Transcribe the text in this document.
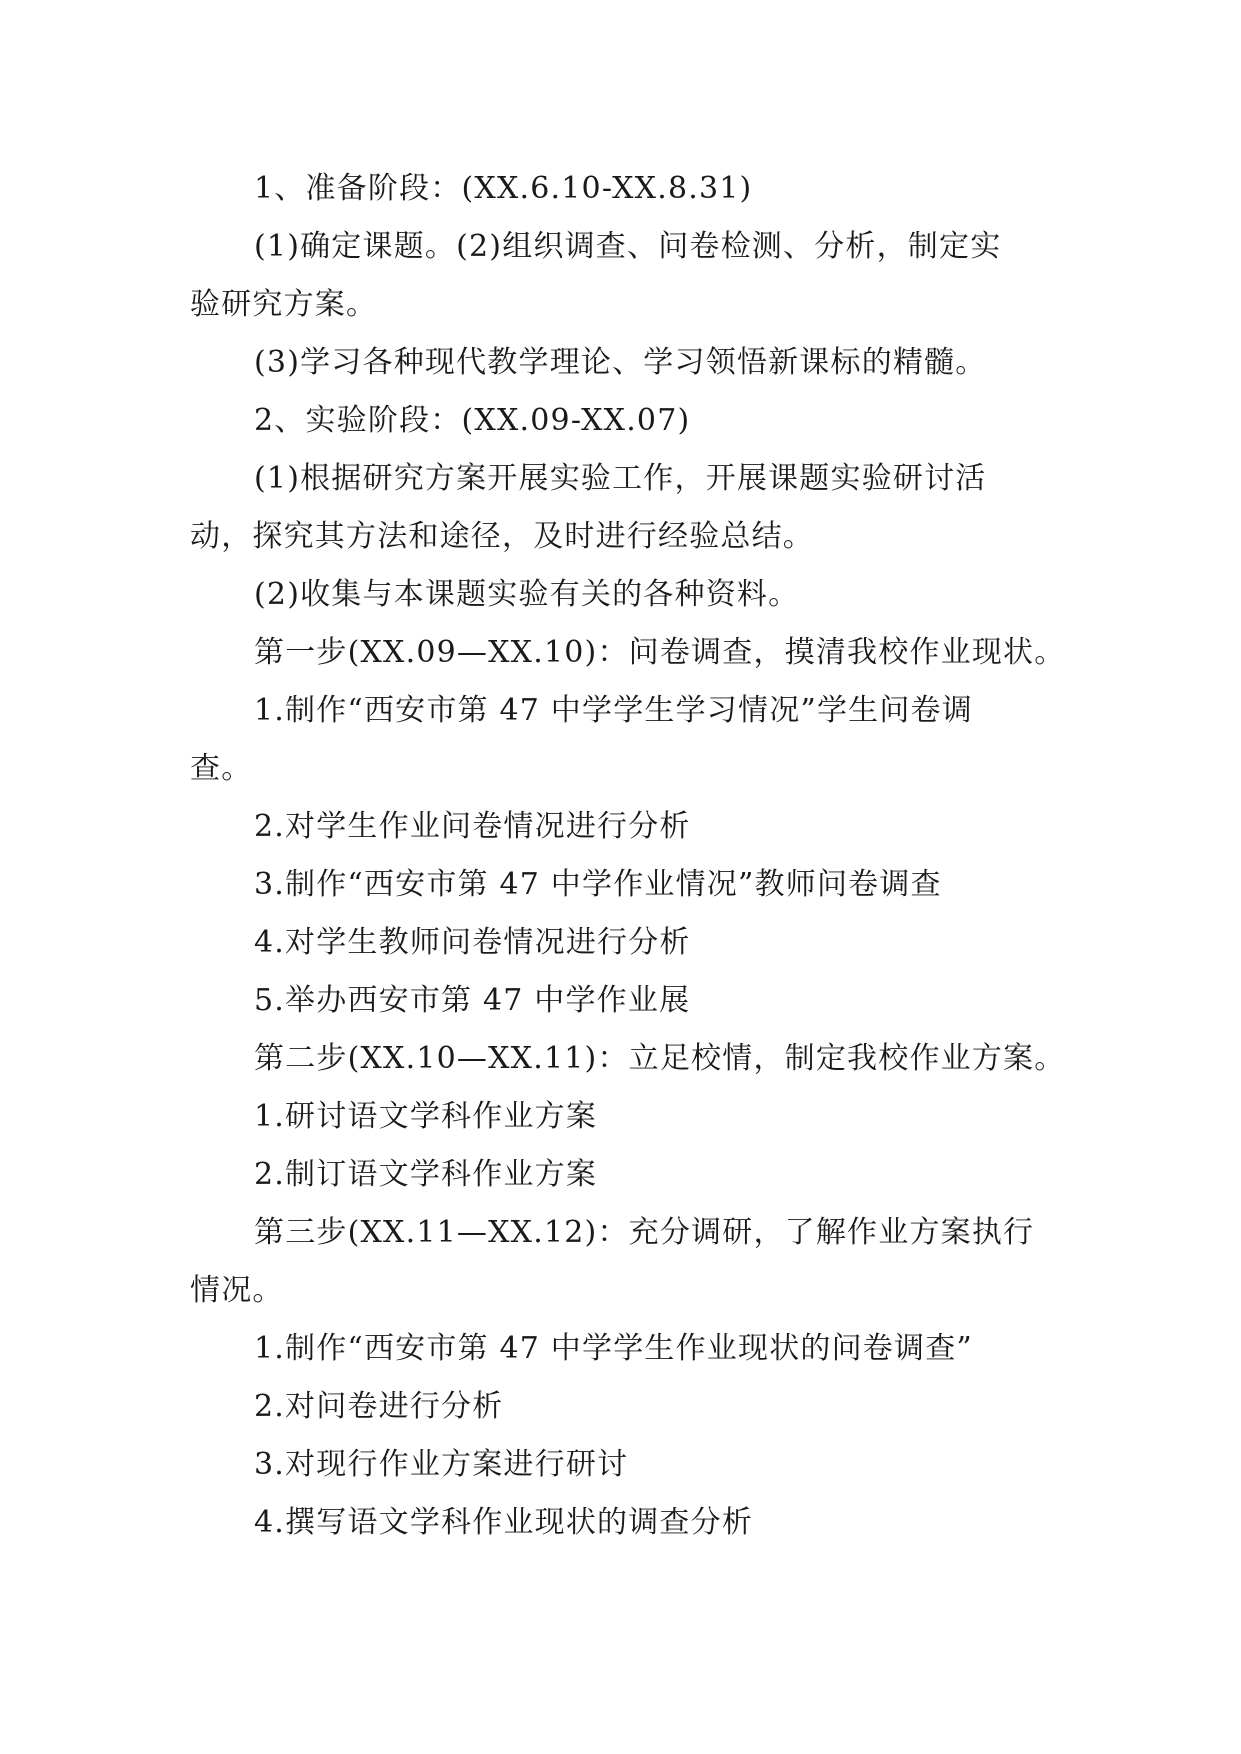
1、准备阶段：(XX.6.10-XX.8.31)

(1)确定课题。(2)组织调查、问卷检测、分析，制定实

验研究方案。

(3)学习各种现代教学理论、学习领悟新课标的精髓。

2、实验阶段：(XX.09-XX.07)

(1)根据研究方案开展实验工作，开展课题实验研讨活

动，探究其方法和途径，及时进行经验总结。

(2)收集与本课题实验有关的各种资料。

第一步(XX.09—XX.10)：问卷调查，摸清我校作业现状。

1.制作“西安市第 47 中学学生学习情况”学生问卷调

查。

2.对学生作业问卷情况进行分析

3.制作“西安市第 47 中学作业情况”教师问卷调查

4.对学生教师问卷情况进行分析

5.举办西安市第 47 中学作业展

第二步(XX.10—XX.11)：立足校情，制定我校作业方案。

1.研讨语文学科作业方案

2.制订语文学科作业方案

第三步(XX.11—XX.12)：充分调研，了解作业方案执行

情况。

1.制作“西安市第 47 中学学生作业现状的问卷调查”

2.对问卷进行分析

3.对现行作业方案进行研讨

4.撰写语文学科作业现状的调查分析
